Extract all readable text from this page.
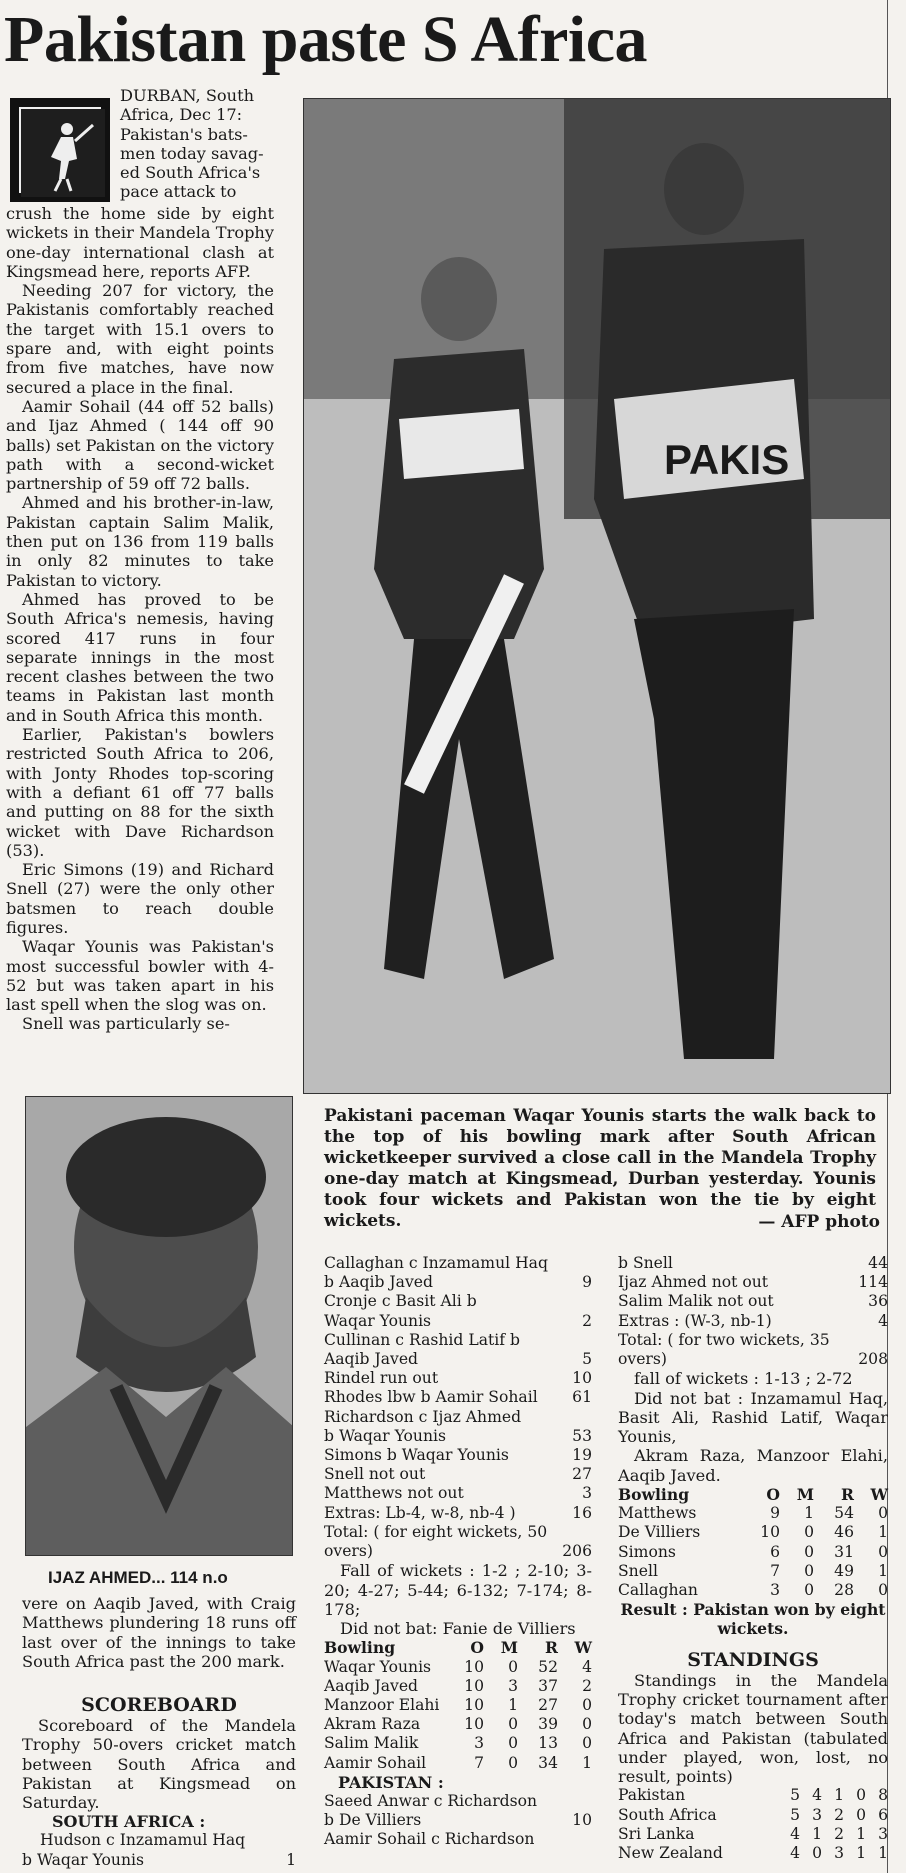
Pakistan paste S Africa
DURBAN, South
Africa, Dec 17:
Pakistan's bats-
men today savag-
ed South Africa's
pace attack to

crush the home side by eight wickets in their Mandela Trophy one-day international clash at Kingsmead here, reports AFP.

Needing 207 for victory, the Pakistanis comfortably reached the target with 15.1 overs to spare and, with eight points from five matches, have now secured a place in the final.

Aamir Sohail (44 off 52 balls) and Ijaz Ahmed ( 144 off 90 balls) set Pakistan on the victory path with a second-wicket partnership of 59 off 72 balls.

Ahmed and his brother-in-law, Pakistan captain Salim Malik, then put on 136 from 119 balls in only 82 minutes to take Pakistan to victory.

Ahmed has proved to be South Africa's nemesis, having scored 417 runs in four separate innings in the most recent clashes between the two teams in Pakistan last month and in South Africa this month.

Earlier, Pakistan's bowlers restricted South Africa to 206, with Jonty Rhodes top-scoring with a defiant 61 off 77 balls and putting on 88 for the sixth wicket with Dave Richardson (53).

Eric Simons (19) and Richard Snell (27) were the only other batsmen to reach double figures.

Waqar Younis was Pakistan's most successful bowler with 4-52 but was taken apart in his last spell when the slog was on.

Snell was particularly se-

PAKIS
Pakistani paceman Waqar Younis starts the walk back to the top of his bowling mark after South African wicketkeeper survived a close call in the Mandela Trophy one-day match at Kingsmead, Durban yesterday. Younis took four wickets and Pakistan won the tie by eight wickets.	— AFP photo
IJAZ AHMED... 114 n.o
vere on Aaqib Javed, with Craig Matthews plundering 18 runs off last over of the innings to take South Africa past the 200 mark.
SCOREBOARD

Scoreboard of the Mandela Trophy 50-overs cricket match between South Africa and Pakistan at Kingsmead on Saturday.

SOUTH AFRICA :
Hudson c Inzamamul Haq
b Waqar Younis	1
Callaghan c Inzamamul Haq
b Aaqib Javed	9
Cronje c Basit Ali b
Waqar Younis	2
Cullinan c Rashid Latif b
Aaqib Javed	5
Rindel run out	10
Rhodes lbw b Aamir Sohail 61
Richardson c Ijaz Ahmed
b Waqar Younis	53
Simons b Waqar Younis	19
Snell not out	27
Matthews not out	3
Extras: Lb-4, w-8, nb-4 )	16
Total: ( for eight wickets, 50
overs)	206

Fall of wickets : 1-2 ; 2-10; 3-20; 4-27; 5-44; 6-132; 7-174; 8-178;

Did not bat: Fanie de Villiers

Bowling	O	M	R	W
Waqar Younis	10	0	52	4
Aaqib Javed	10	3	37	2
Manzoor Elahi	10	1	27	0
Akram Raza	10	0	39	0
Salim Malik	3	0	13	0
Aamir Sohail	7	0	34	1
PAKISTAN :
Saeed Anwar c Richardson
b De Villiers	10
Aamir Sohail c Richardson
b Snell	44
Ijaz Ahmed not out	114
Salim Malik not out	36
Extras : (W-3, nb-1)	4
Total: ( for two wickets, 35
overs)	208

fall of wickets : 1-13 ; 2-72

Did not bat : Inzamamul Haq, Basit Ali, Rashid Latif, Waqar Younis,

Akram Raza, Manzoor Elahi, Aaqib Javed.

Bowling	O	M	R	W
Matthews	9	1	54	0
De Villiers	10	0	46	1
Simons	6	0	31	0
Snell	7	0	49	1
Callaghan	3	0	28	0
Result : Pakistan won by eight wickets.
STANDINGS

Standings in the Mandela Trophy cricket tournament after today's match between South Africa and Pakistan (tabulated under played, won, lost, no result, points)

Pakistan	5 4 1 0 8
South Africa	5 3 2 0 6
Sri Lanka	4 1 2 1 3
New Zealand	4 0 3 1 1
